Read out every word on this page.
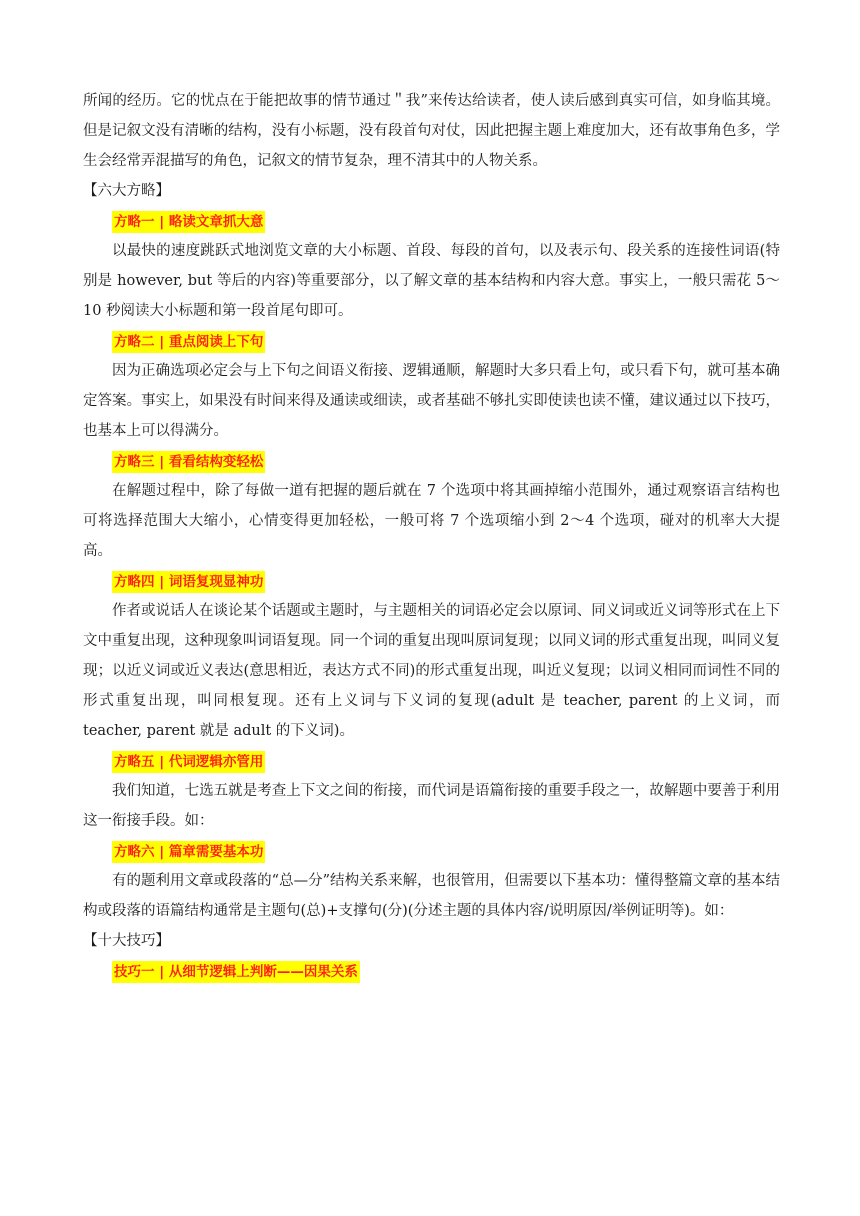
所闻的经历。它的忧点在于能把故事的情节通过＂我”来传达给读者，使人读后感到真实可信，如身临其境。但是记叙文没有清晰的结构，没有小标题，没有段首句对仗，因此把握主题上难度加大，还有故事角色多，学生会经常弄混描写的角色，记叙文的情节复杂，理不清其中的人物关系。

【六大方略】

方略一 | 略读文章抓大意

以最快的速度跳跃式地浏览文章的大小标题、首段、每段的首句，以及表示句、段关系的连接性词语(特别是 however, but 等后的内容)等重要部分，以了解文章的基本结构和内容大意。事实上，一般只需花 5～10 秒阅读大小标题和第一段首尾句即可。

方略二 | 重点阅读上下句

因为正确选项必定会与上下句之间语义衔接、逻辑通顺，解题时大多只看上句，或只看下句，就可基本确定答案。事实上，如果没有时间来得及通读或细读，或者基础不够扎实即使读也读不懂，建议通过以下技巧，也基本上可以得满分。

方略三 | 看看结构变轻松

在解题过程中，除了每做一道有把握的题后就在 7 个选项中将其画掉缩小范围外，通过观察语言结构也可将选择范围大大缩小，心情变得更加轻松，一般可将 7 个选项缩小到 2～4 个选项，碰对的机率大大提高。

方略四 | 词语复现显神功

作者或说话人在谈论某个话题或主题时，与主题相关的词语必定会以原词、同义词或近义词等形式在上下文中重复出现，这种现象叫词语复现。同一个词的重复出现叫原词复现；以同义词的形式重复出现，叫同义复现；以近义词或近义表达(意思相近，表达方式不同)的形式重复出现，叫近义复现；以词义相同而词性不同的形式重复出现，叫同根复现。还有上义词与下义词的复现(adult 是 teacher, parent 的上义词，而 teacher, parent 就是 adult 的下义词)。

方略五 | 代词逻辑亦管用

我们知道，七选五就是考查上下文之间的衔接，而代词是语篇衔接的重要手段之一，故解题中要善于利用这一衔接手段。如：

方略六 | 篇章需要基本功

有的题利用文章或段落的“总—分”结构关系来解，也很管用，但需要以下基本功：懂得整篇文章的基本结构或段落的语篇结构通常是主题句(总)+支撑句(分)(分述主题的具体内容/说明原因/举例证明等)。如：

【十大技巧】

技巧一 | 从细节逻辑上判断——因果关系
